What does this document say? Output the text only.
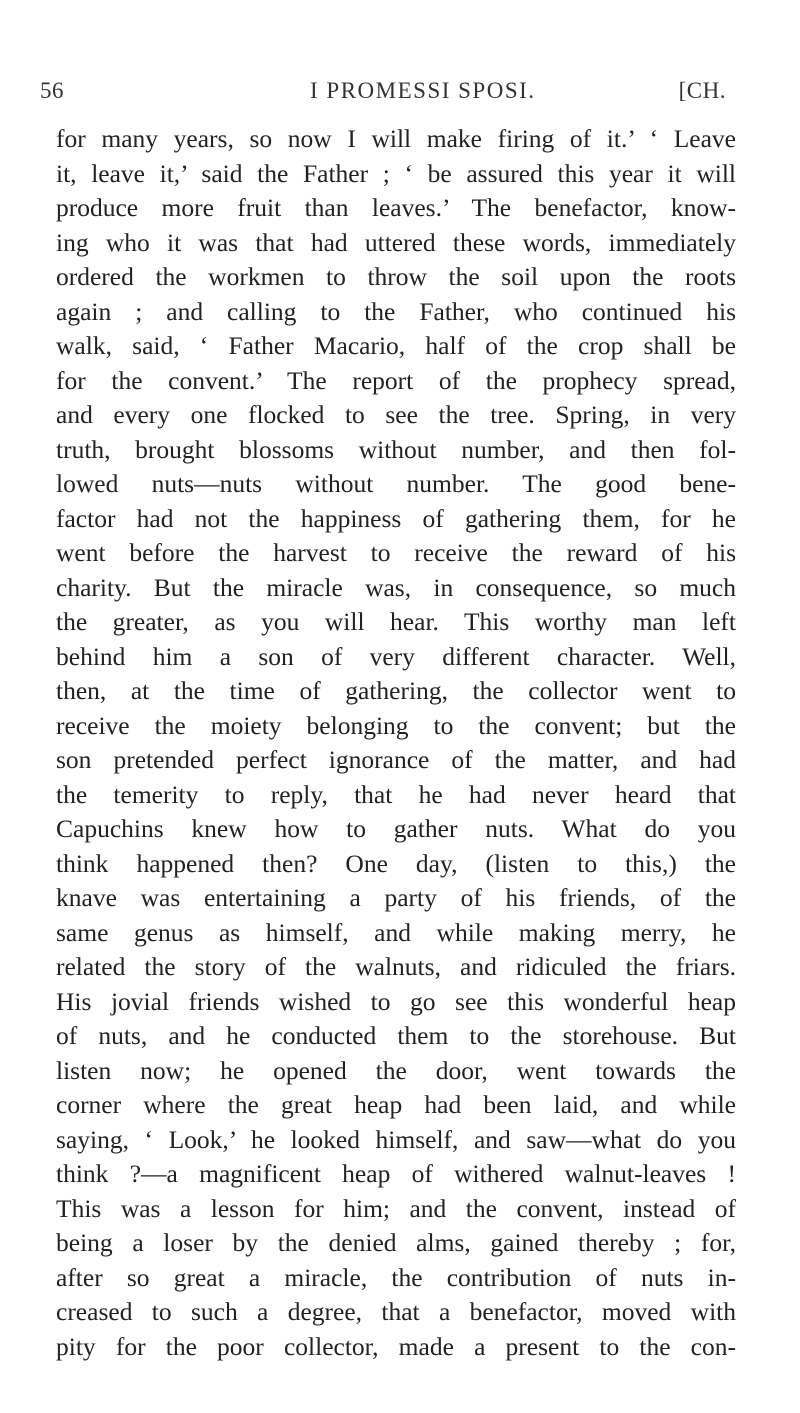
56	I PROMESSI SPOSI.	[CH.
for many years, so now I will make firing of it.’ ‘ Leave
it, leave it,’ said the Father ; ‘ be assured this year it will
produce more fruit than leaves.’ The benefactor, know-
ing who it was that had uttered these words, immediately
ordered the workmen to throw the soil upon the roots
again ; and calling to the Father, who continued his
walk, said, ‘ Father Macario, half of the crop shall be
for the convent.’ The report of the prophecy spread,
and every one flocked to see the tree. Spring, in very
truth, brought blossoms without number, and then fol-
lowed nuts—nuts without number. The good bene-
factor had not the happiness of gathering them, for he
went before the harvest to receive the reward of his
charity. But the miracle was, in consequence, so much
the greater, as you will hear. This worthy man left
behind him a son of very different character. Well,
then, at the time of gathering, the collector went to
receive the moiety belonging to the convent; but the
son pretended perfect ignorance of the matter, and had
the temerity to reply, that he had never heard that
Capuchins knew how to gather nuts. What do you
think happened then? One day, (listen to this,) the
knave was entertaining a party of his friends, of the
same genus as himself, and while making merry, he
related the story of the walnuts, and ridiculed the friars.
His jovial friends wished to go see this wonderful heap
of nuts, and he conducted them to the storehouse. But
listen now; he opened the door, went towards the
corner where the great heap had been laid, and while
saying, ‘ Look,’ he looked himself, and saw—what do you
think ?—a magnificent heap of withered walnut-leaves !
This was a lesson for him; and the convent, instead of
being a loser by the denied alms, gained thereby ; for,
after so great a miracle, the contribution of nuts in-
creased to such a degree, that a benefactor, moved with
pity for the poor collector, made a present to the con-
